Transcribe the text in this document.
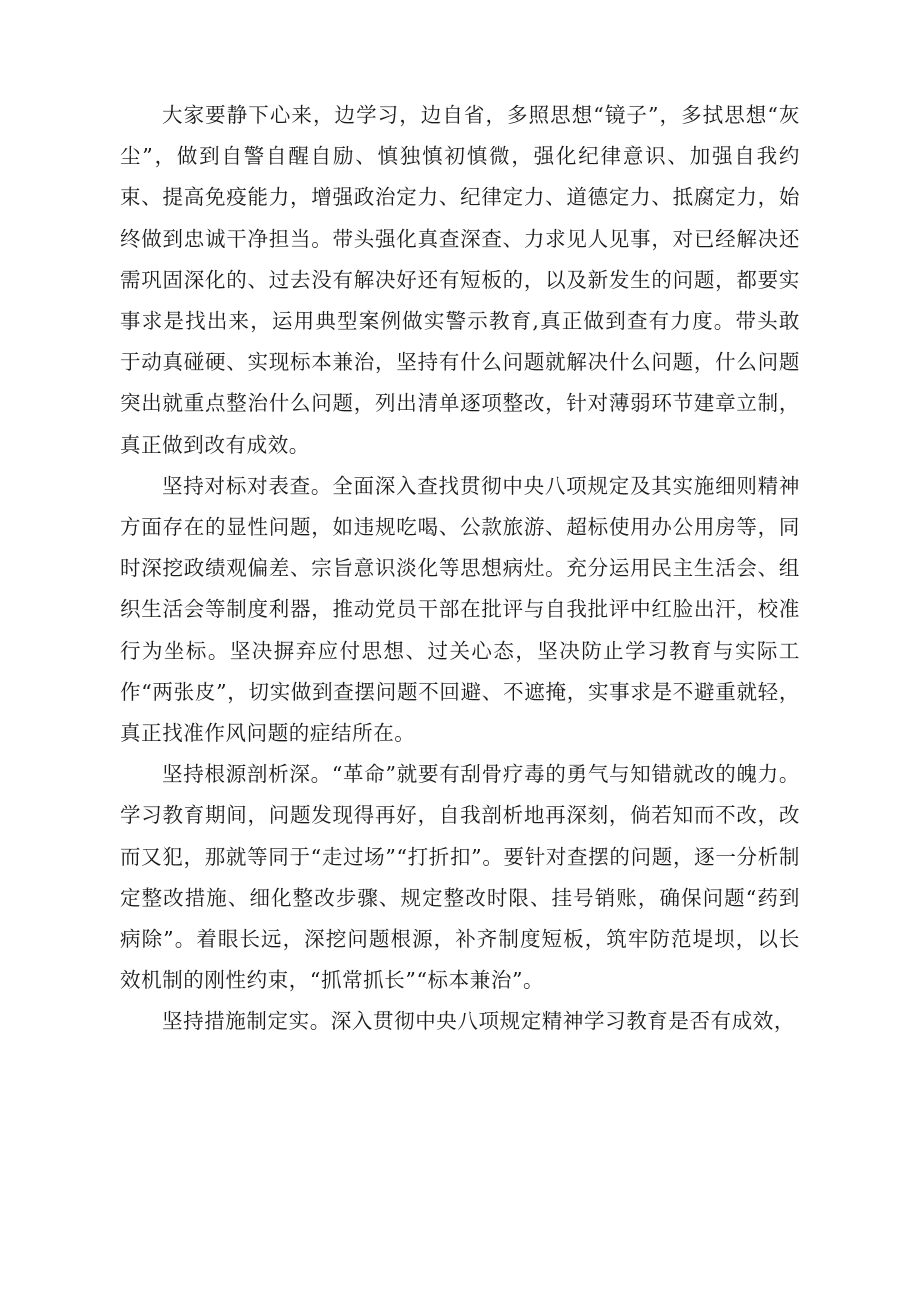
大家要静下心来，边学习，边自省，多照思想“镜子”，多拭思想“灰尘”，做到自警自醒自励、慎独慎初慎微，强化纪律意识、加强自我约束、提高免疫能力，增强政治定力、纪律定力、道德定力、抵腐定力，始终做到忠诚干净担当。带头强化真查深查、力求见人见事，对已经解决还需巩固深化的、过去没有解决好还有短板的，以及新发生的问题，都要实事求是找出来，运用典型案例做实警示教育,真正做到查有力度。带头敢于动真碰硬、实现标本兼治，坚持有什么问题就解决什么问题，什么问题突出就重点整治什么问题，列出清单逐项整改，针对薄弱环节建章立制，真正做到改有成效。

坚持对标对表查。全面深入查找贯彻中央八项规定及其实施细则精神方面存在的显性问题，如违规吃喝、公款旅游、超标使用办公用房等，同时深挖政绩观偏差、宗旨意识淡化等思想病灶。充分运用民主生活会、组织生活会等制度利器，推动党员干部在批评与自我批评中红脸出汗，校准行为坐标。坚决摒弃应付思想、过关心态，坚决防止学习教育与实际工作“两张皮”，切实做到查摆问题不回避、不遮掩，实事求是不避重就轻，真正找准作风问题的症结所在。

坚持根源剖析深。“革命”就要有刮骨疗毒的勇气与知错就改的魄力。学习教育期间，问题发现得再好，自我剖析地再深刻，倘若知而不改，改而又犯，那就等同于“走过场”“打折扣”。要针对查摆的问题，逐一分析制定整改措施、细化整改步骤、规定整改时限、挂号销账，确保问题“药到病除”。着眼长远，深挖问题根源，补齐制度短板，筑牢防范堤坝，以长效机制的刚性约束，“抓常抓长”“标本兼治”。

坚持措施制定实。深入贯彻中央八项规定精神学习教育是否有成效，
